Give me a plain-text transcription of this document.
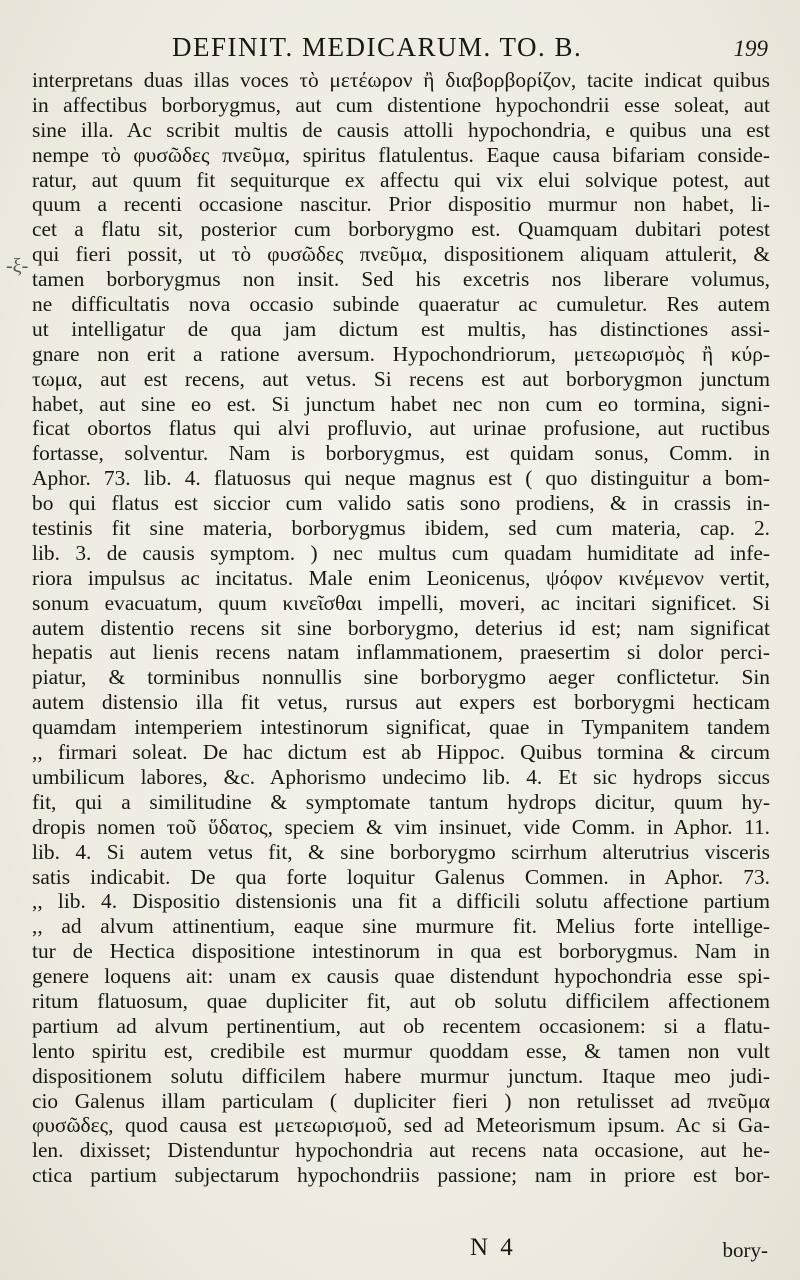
DEFINIT. MEDICARUM. TO. B.	199
-ξ-
interpretans duas illas voces τὸ μετέωρον ἢ διαβορβορίζον, tacite indicat quibus
in affectibus borborygmus, aut cum distentione hypochondrii esse soleat, aut
sine illa. Ac scribit multis de causis attolli hypochondria, e quibus una est
nempe τὸ φυσῶδες πνεῦμα, spiritus flatulentus. Eaque causa bifariam conside-
ratur, aut quum fit sequiturque ex affectu qui vix elui solvique potest, aut
quum a recenti occasione nascitur. Prior dispositio murmur non habet, li-
cet a flatu sit, posterior cum borborygmo est. Quamquam dubitari potest
qui fieri possit, ut τὸ φυσῶδες πνεῦμα, dispositionem aliquam attulerit, &
tamen borborygmus non insit. Sed his excetris nos liberare volumus,
ne difficultatis nova occasio subinde quaeratur ac cumuletur. Res autem
ut intelligatur de qua jam dictum est multis, has distinctiones assi-
gnare non erit a ratione aversum. Hypochondriorum, μετεωρισμὸς ἢ κύρ-
τωμα, aut est recens, aut vetus. Si recens est aut borborygmon junctum
habet, aut sine eo est. Si junctum habet nec non cum eo tormina, signi-
ficat obortos flatus qui alvi profluvio, aut urinae profusione, aut ructibus
fortasse, solventur. Nam is borborygmus, est quidam sonus, Comm. in
Aphor. 73. lib. 4. flatuosus qui neque magnus est ( quo distinguitur a bom-
bo qui flatus est siccior cum valido satis sono prodiens, & in crassis in-
testinis fit sine materia, borborygmus ibidem, sed cum materia, cap. 2.
lib. 3. de causis symptom. ) nec multus cum quadam humiditate ad infe-
riora impulsus ac incitatus. Male enim Leonicenus, ψόφον κινέμενον vertit,
sonum evacuatum, quum κινεῖσθαι impelli, moveri, ac incitari significet. Si
autem distentio recens sit sine borborygmo, deterius id est; nam significat
hepatis aut lienis recens natam inflammationem, praesertim si dolor perci-
piatur, & torminibus nonnullis sine borborygmo aeger conflictetur. Sin
autem distensio illa fit vetus, rursus aut expers est borborygmi hecticam
quamdam intemperiem intestinorum significat, quae in Tympanitem tandem
,, firmari soleat. De hac dictum est ab Hippoc. Quibus tormina & circum
umbilicum labores, &c. Aphorismo undecimo lib. 4. Et sic hydrops siccus
fit, qui a similitudine & symptomate tantum hydrops dicitur, quum hy-
dropis nomen τοῦ ὕδατος, speciem & vim insinuet, vide Comm. in Aphor. 11.
lib. 4. Si autem vetus fit, & sine borborygmo scirrhum alterutrius visceris
satis indicabit. De qua forte loquitur Galenus Commen. in Aphor. 73.
,, lib. 4. Dispositio distensionis una fit a difficili solutu affectione partium
,, ad alvum attinentium, eaque sine murmure fit. Melius forte intellige-
tur de Hectica dispositione intestinorum in qua est borborygmus. Nam in
genere loquens ait: unam ex causis quae distendunt hypochondria esse spi-
ritum flatuosum, quae dupliciter fit, aut ob solutu difficilem affectionem
partium ad alvum pertinentium, aut ob recentem occasionem: si a flatu-
lento spiritu est, credibile est murmur quoddam esse, & tamen non vult
dispositionem solutu difficilem habere murmur junctum. Itaque meo judi-
cio Galenus illam particulam ( dupliciter fieri ) non retulisset ad πνεῦμα
φυσῶδες, quod causa est μετεωρισμοῦ, sed ad Meteorismum ipsum. Ac si Ga-
len. dixisset; Distenduntur hypochondria aut recens nata occasione, aut he-
ctica partium subjectarum hypochondriis passione; nam in priore est bor-
N 4	bory-
